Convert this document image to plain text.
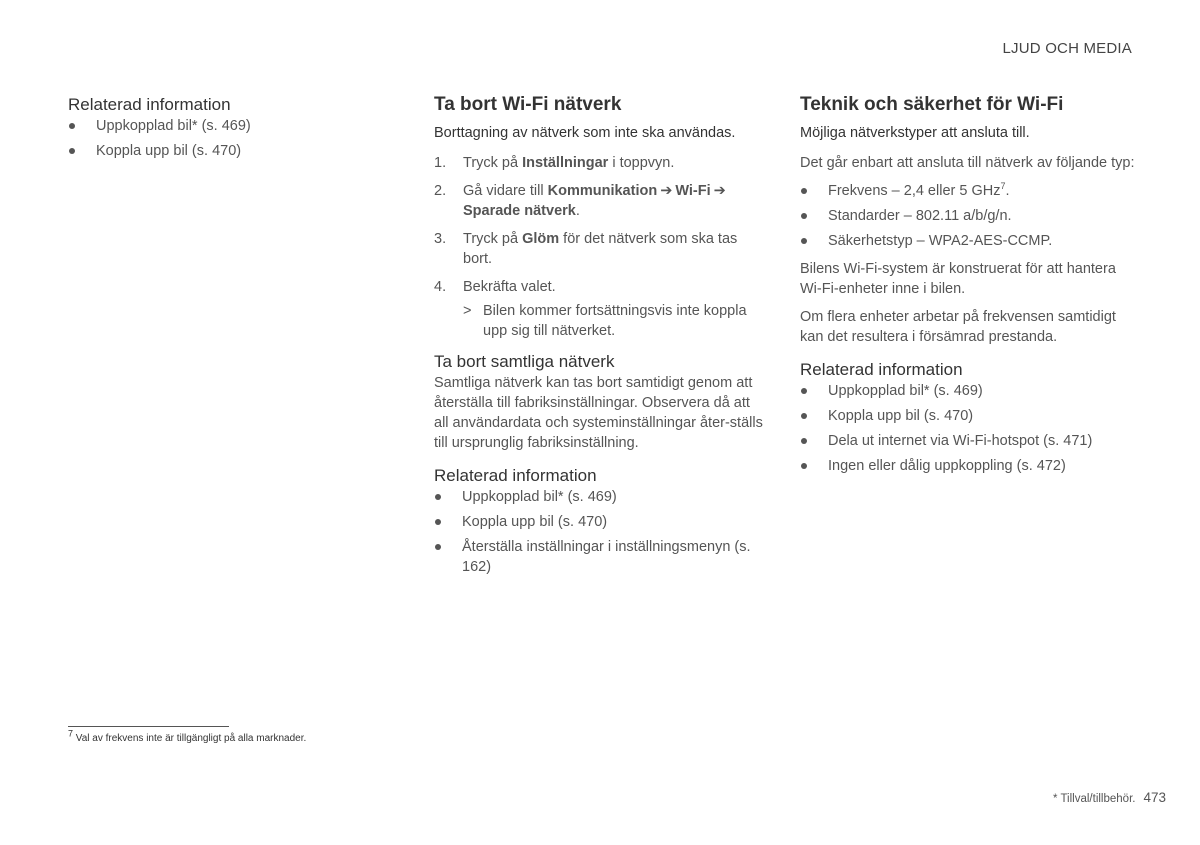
LJUD OCH MEDIA
Relaterad information
Uppkopplad bil* (s. 469)
Koppla upp bil (s. 470)
Ta bort Wi-Fi nätverk
Borttagning av nätverk som inte ska användas.
1. Tryck på Inställningar i toppvyn.
2. Gå vidare till Kommunikation ➔ Wi-Fi ➔
Sparade nätverk.
3. Tryck på Glöm för det nätverk som ska tas bort.
4. Bekräfta valet.
> Bilen kommer fortsättningsvis inte koppla upp sig till nätverket.
Ta bort samtliga nätverk

Samtliga nätverk kan tas bort samtidigt genom att återställa till fabriksinställningar. Observera då att all användardata och systeminställningar åter-ställs till ursprunglig fabriksinställning.

Relaterad information
Uppkopplad bil* (s. 469)
Koppla upp bil (s. 470)
Återställa inställningar i inställningsmenyn (s. 162)
Teknik och säkerhet för Wi-Fi
Möjliga nätverkstyper att ansluta till.

Det går enbart att ansluta till nätverk av följande typ:

Frekvens – 2,4 eller 5 GHz$^7$.
Standarder – 802.11 a/b/g/n.
Säkerhetstyp – WPA2-AES-CCMP.

Bilens Wi-Fi-system är konstruerat för att hantera Wi-Fi-enheter inne i bilen.

Om flera enheter arbetar på frekvensen samtidigt kan det resultera i försämrad prestanda.

Relaterad information
Uppkopplad bil* (s. 469)
Koppla upp bil (s. 470)
Dela ut internet via Wi-Fi-hotspot (s. 471)
Ingen eller dålig uppkoppling (s. 472)
$^7$ Val av frekvens inte är tillgängligt på alla marknader.
* Tillval/tillbehör. 473
